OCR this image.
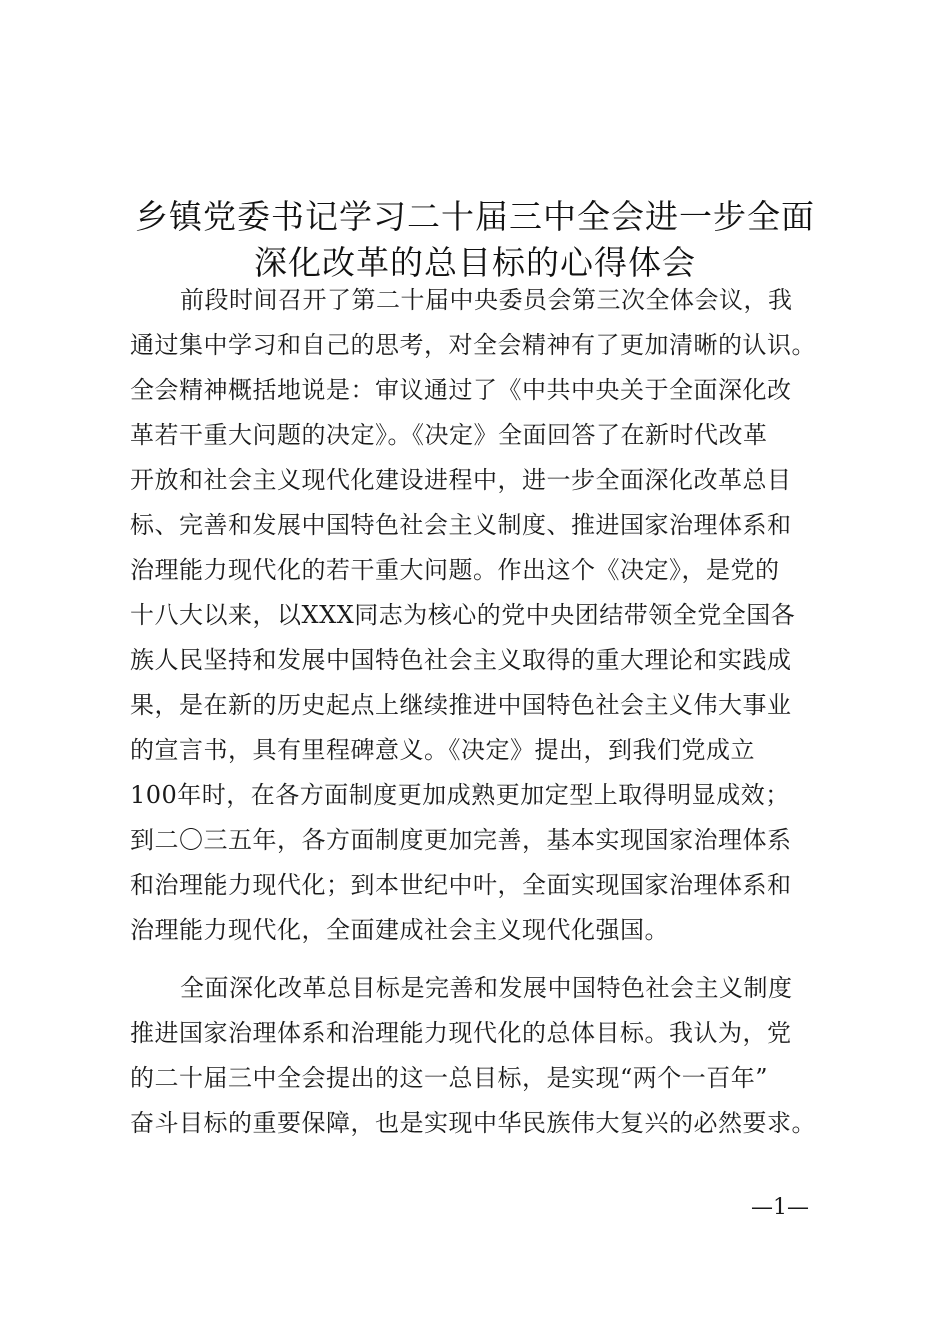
乡镇党委书记学习二十届三中全会进一步全面
深化改革的总目标的心得体会
前段时间召开了第二十届中央委员会第三次全体会议，我
通过集中学习和自己的思考，对全会精神有了更加清晰的认识。
全会精神概括地说是：审议通过了《中共中央关于全面深化改
革若干重大问题的决定》。《决定》全面回答了在新时代改革
开放和社会主义现代化建设进程中，进一步全面深化改革总目
标、完善和发展中国特色社会主义制度、推进国家治理体系和
治理能力现代化的若干重大问题。作出这个《决定》，是党的
十八大以来，以XXX同志为核心的党中央团结带领全党全国各
族人民坚持和发展中国特色社会主义取得的重大理论和实践成
果，是在新的历史起点上继续推进中国特色社会主义伟大事业
的宣言书，具有里程碑意义。《决定》提出，到我们党成立
100年时，在各方面制度更加成熟更加定型上取得明显成效；
到二〇三五年，各方面制度更加完善，基本实现国家治理体系
和治理能力现代化；到本世纪中叶，全面实现国家治理体系和
治理能力现代化，全面建成社会主义现代化强国。
全面深化改革总目标是完善和发展中国特色社会主义制度
推进国家治理体系和治理能力现代化的总体目标。我认为，党
的二十届三中全会提出的这一总目标，是实现“两个一百年”
奋斗目标的重要保障，也是实现中华民族伟大复兴的必然要求。
—1—
